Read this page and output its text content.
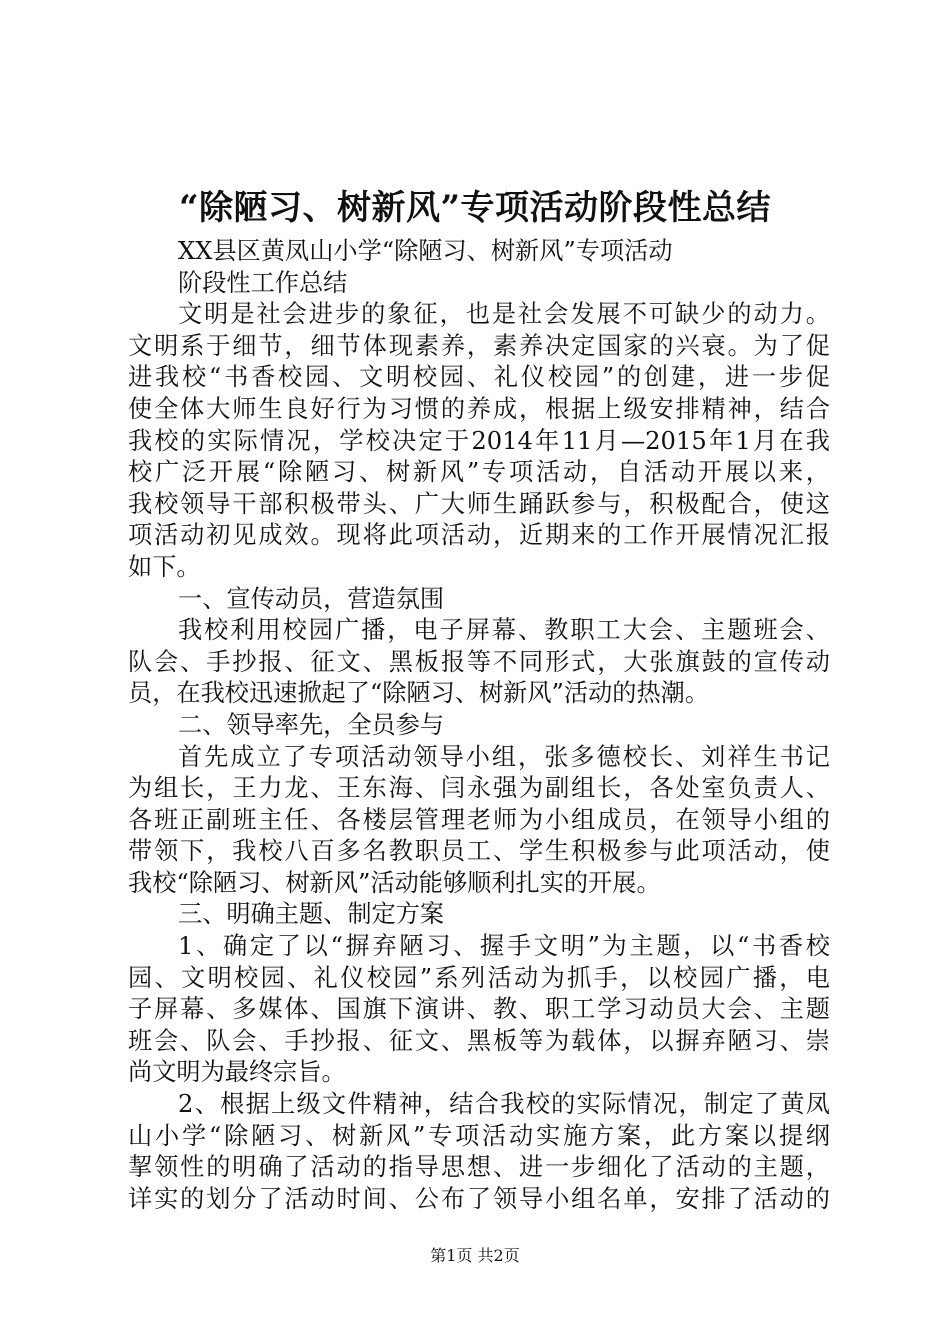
“除陋习、树新风”专项活动阶段性总结
XX县区黄凤山小学“除陋习、树新风”专项活动
阶段性工作总结
文明是社会进步的象征，也是社会发展不可缺少的动力。
文明系于细节，细节体现素养，素养决定国家的兴衰。为了促
进我校“书香校园、文明校园、礼仪校园”的创建，进一步促
使全体大师生良好行为习惯的养成，根据上级安排精神，结合
我校的实际情况，学校决定于2014年11月—2015年1月在我
校广泛开展“除陋习、树新风”专项活动，自活动开展以来，
我校领导干部积极带头、广大师生踊跃参与，积极配合，使这
项活动初见成效。现将此项活动，近期来的工作开展情况汇报
如下。
一、宣传动员，营造氛围
我校利用校园广播，电子屏幕、教职工大会、主题班会、
队会、手抄报、征文、黑板报等不同形式，大张旗鼓的宣传动
员，在我校迅速掀起了“除陋习、树新风”活动的热潮。
二、领导率先，全员参与
首先成立了专项活动领导小组，张多德校长、刘祥生书记
为组长，王力龙、王东海、闫永强为副组长，各处室负责人、
各班正副班主任、各楼层管理老师为小组成员，在领导小组的
带领下，我校八百多名教职员工、学生积极参与此项活动，使
我校“除陋习、树新风”活动能够顺利扎实的开展。
三、明确主题、制定方案
1、确定了以“摒弃陋习、握手文明”为主题，以“书香校
园、文明校园、礼仪校园”系列活动为抓手，以校园广播，电
子屏幕、多媒体、国旗下演讲、教、职工学习动员大会、主题
班会、队会、手抄报、征文、黑板等为载体，以摒弃陋习、崇
尚文明为最终宗旨。
2、根据上级文件精神，结合我校的实际情况，制定了黄凤
山小学“除陋习、树新风”专项活动实施方案，此方案以提纲
挈领性的明确了活动的指导思想、进一步细化了活动的主题，
详实的划分了活动时间、公布了领导小组名单，安排了活动的
第1页 共2页
